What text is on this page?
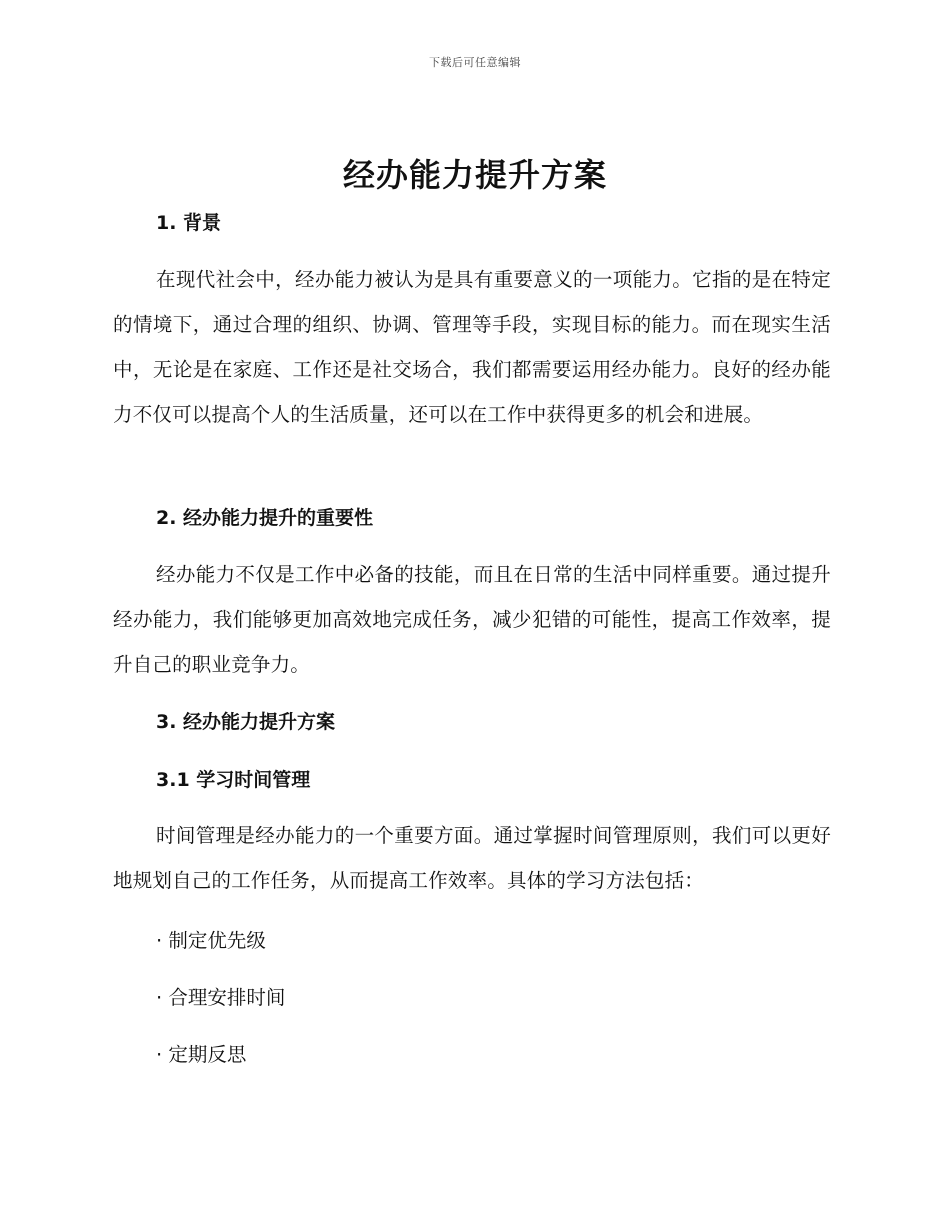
下载后可任意编辑
经办能力提升方案
1. 背景

在现代社会中，经办能力被认为是具有重要意义的一项能力。它指的是在特定的情境下，通过合理的组织、协调、管理等手段，实现目标的能力。而在现实生活中，无论是在家庭、工作还是社交场合，我们都需要运用经办能力。良好的经办能力不仅可以提高个人的生活质量，还可以在工作中获得更多的机会和进展。

2. 经办能力提升的重要性

经办能力不仅是工作中必备的技能，而且在日常的生活中同样重要。通过提升经办能力，我们能够更加高效地完成任务，减少犯错的可能性，提高工作效率，提升自己的职业竞争力。

3. 经办能力提升方案
3.1 学习时间管理

时间管理是经办能力的一个重要方面。通过掌握时间管理原则，我们可以更好地规划自己的工作任务，从而提高工作效率。具体的学习方法包括：

· 制定优先级

· 合理安排时间

· 定期反思
